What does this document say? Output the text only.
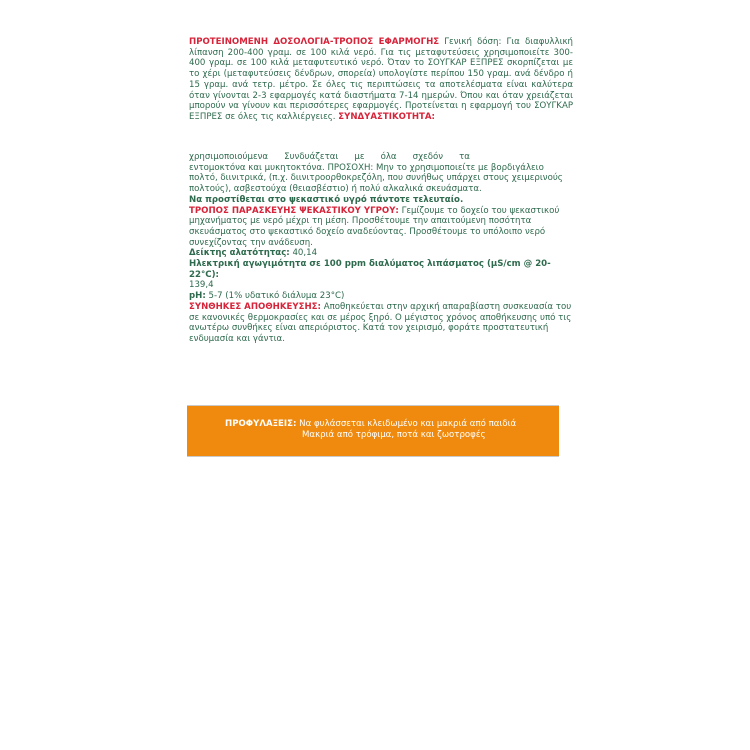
ΠΡΟΤΕΙΝΟΜΕΝΗ ΔΟΣΟΛΟΓΙΑ-ΤΡΟΠΟΣ ΕΦΑΡΜΟΓΗΣ Γενική δόση: Για διαφυλλική λίπανση 200-400 γραμ. σε 100 κιλά νερό. Για τις μεταφυτεύσεις χρησιμοποιείτε 300-400 γραμ. σε 100 κιλά μεταφυτευτικό νερό. Όταν το ΣΟΥΓΚΑΡ ΕΞΠΡΕΣ σκορπίζεται με το χέρι (μεταφυτεύσεις δένδρων, σπορεία) υπολογίστε περίπου 150 γραμ. ανά δένδρο ή 15 γραμ. ανά τετρ. μέτρο. Σε όλες τις περιπτώσεις τα αποτελέσματα είναι καλύτερα όταν γίνονται 2-3 εφαρμογές κατά διαστήματα 7-14 ημερών. Όπου και όταν χρειάζεται μπορούν να γίνουν και περισσότερες εφαρμογές. Προτείνεται η εφαρμογή του ΣΟΥΓΚΑΡ ΕΞΠΡΕΣ σε όλες τις καλλιέργειες. ΣΥΝΔΥΑΣΤΙΚΟΤΗΤΑ:
χρησιμοποιούμενα Συνδυάζεται με όλα σχεδόν τα
εντομοκτόνα και μυκητοκτόνα. ΠΡΟΣΟΧΗ: Μην το χρησιμοποιείτε με βορδιγάλειο πολτό, διινιτρικά, (π.χ. διινιτροορθοκρεζόλη, που συνήθως υπάρχει στους χειμερινούς πολτούς), ασβεστούχα (θειασβέστιο) ή πολύ αλκαλικά σκευάσματα.
Να προστίθεται στο ψεκαστικό υγρό πάντοτε τελευταίο.
ΤΡΟΠΟΣ ΠΑΡΑΣΚΕΥΗΣ ΨΕΚΑΣΤΙΚΟΥ ΥΓΡΟΥ: Γεμίζουμε το δοχείο του ψεκαστικού μηχανήματος με νερό μέχρι τη μέση. Προσθέτουμε την απαιτούμενη ποσότητα σκευάσματος στο ψεκαστικό δοχείο αναδεύοντας. Προσθέτουμε το υπόλοιπο νερό συνεχίζοντας την ανάδευση.
Δείκτης αλατότητας: 40,14
Ηλεκτρική αγωγιμότητα σε 100 ppm διαλύματος λιπάσματος (μS/cm @ 20-22°C):
139,4
pH: 5-7 (1% υδατικό διάλυμα 23°C)
ΣΥΝΘΗΚΕΣ ΑΠΟΘΗΚΕΥΣΗΣ: Αποθηκεύεται στην αρχική απαραβίαστη συσκευασία του σε κανονικές θερμοκρασίες και σε μέρος ξηρό. Ο μέγιστος χρόνος αποθήκευσης υπό τις ανωτέρω συνθήκες είναι απεριόριστος. Κατά τον χειρισμό, φοράτε προστατευτική ενδυμασία και γάντια.
ΠΡΟΦΥΛΑΞΕΙΣ: Να φυλάσσεται κλειδωμένο και μακριά από παιδιά
Μακριά από τρόφιμα, ποτά και ζωοτροφές
